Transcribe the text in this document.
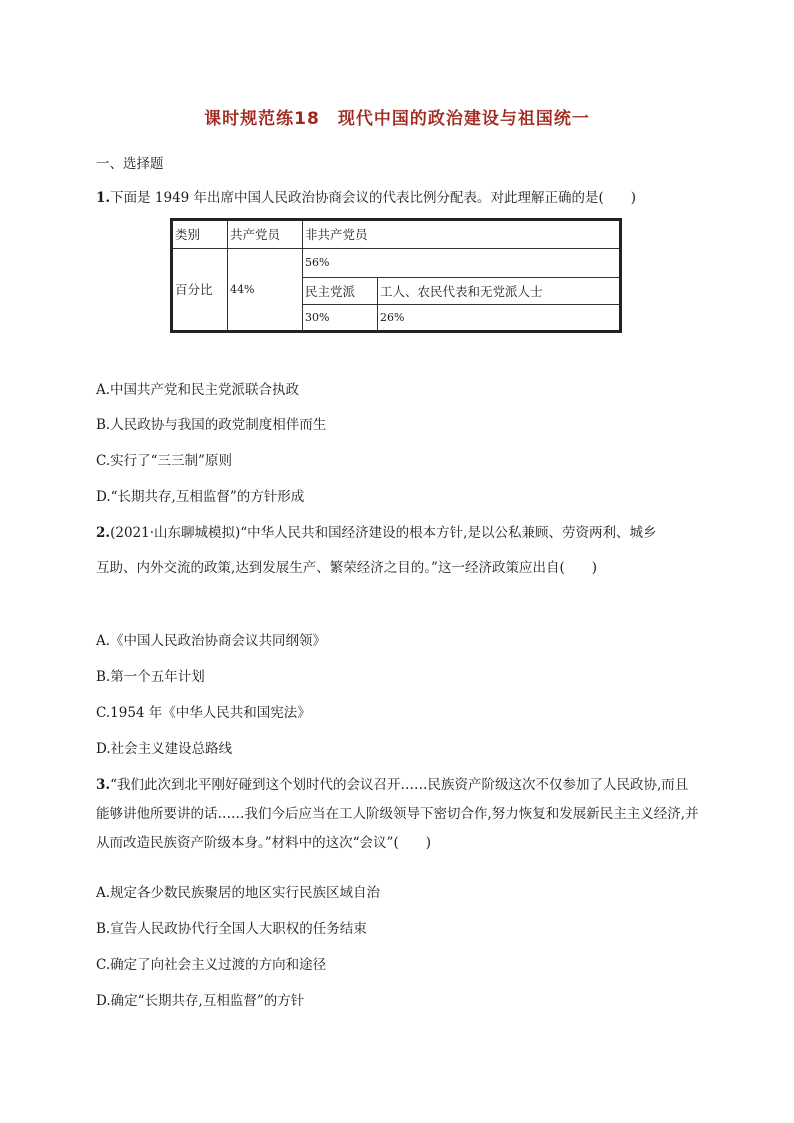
课时规范练18　现代中国的政治建设与祖国统一
一、选择题
1.下面是 1949 年出席中国人民政治协商会议的代表比例分配表。对此理解正确的是(　　)
类别	共产党员	非共产党员	
百分比	44%	56%	
		民主党派	工人、农民代表和无党派人士
		30%	26%
A.中国共产党和民主党派联合执政
B.人民政协与我国的政党制度相伴而生
C.实行了“三三制”原则
D.“长期共存,互相监督”的方针形成
2.(2021·山东聊城模拟)“中华人民共和国经济建设的根本方针,是以公私兼顾、劳资两利、城乡
互助、内外交流的政策,达到发展生产、繁荣经济之目的。”这一经济政策应出自(　　)
A.《中国人民政治协商会议共同纲领》
B.第一个五年计划
C.1954 年《中华人民共和国宪法》
D.社会主义建设总路线
3.“我们此次到北平刚好碰到这个划时代的会议召开……民族资产阶级这次不仅参加了人民政协,而且能够讲他所要讲的话……我们今后应当在工人阶级领导下密切合作,努力恢复和发展新民主主义经济,并从而改造民族资产阶级本身。”材料中的这次“会议”(　　)
A.规定各少数民族聚居的地区实行民族区域自治
B.宣告人民政协代行全国人大职权的任务结束
C.确定了向社会主义过渡的方向和途径
D.确定“长期共存,互相监督”的方针
